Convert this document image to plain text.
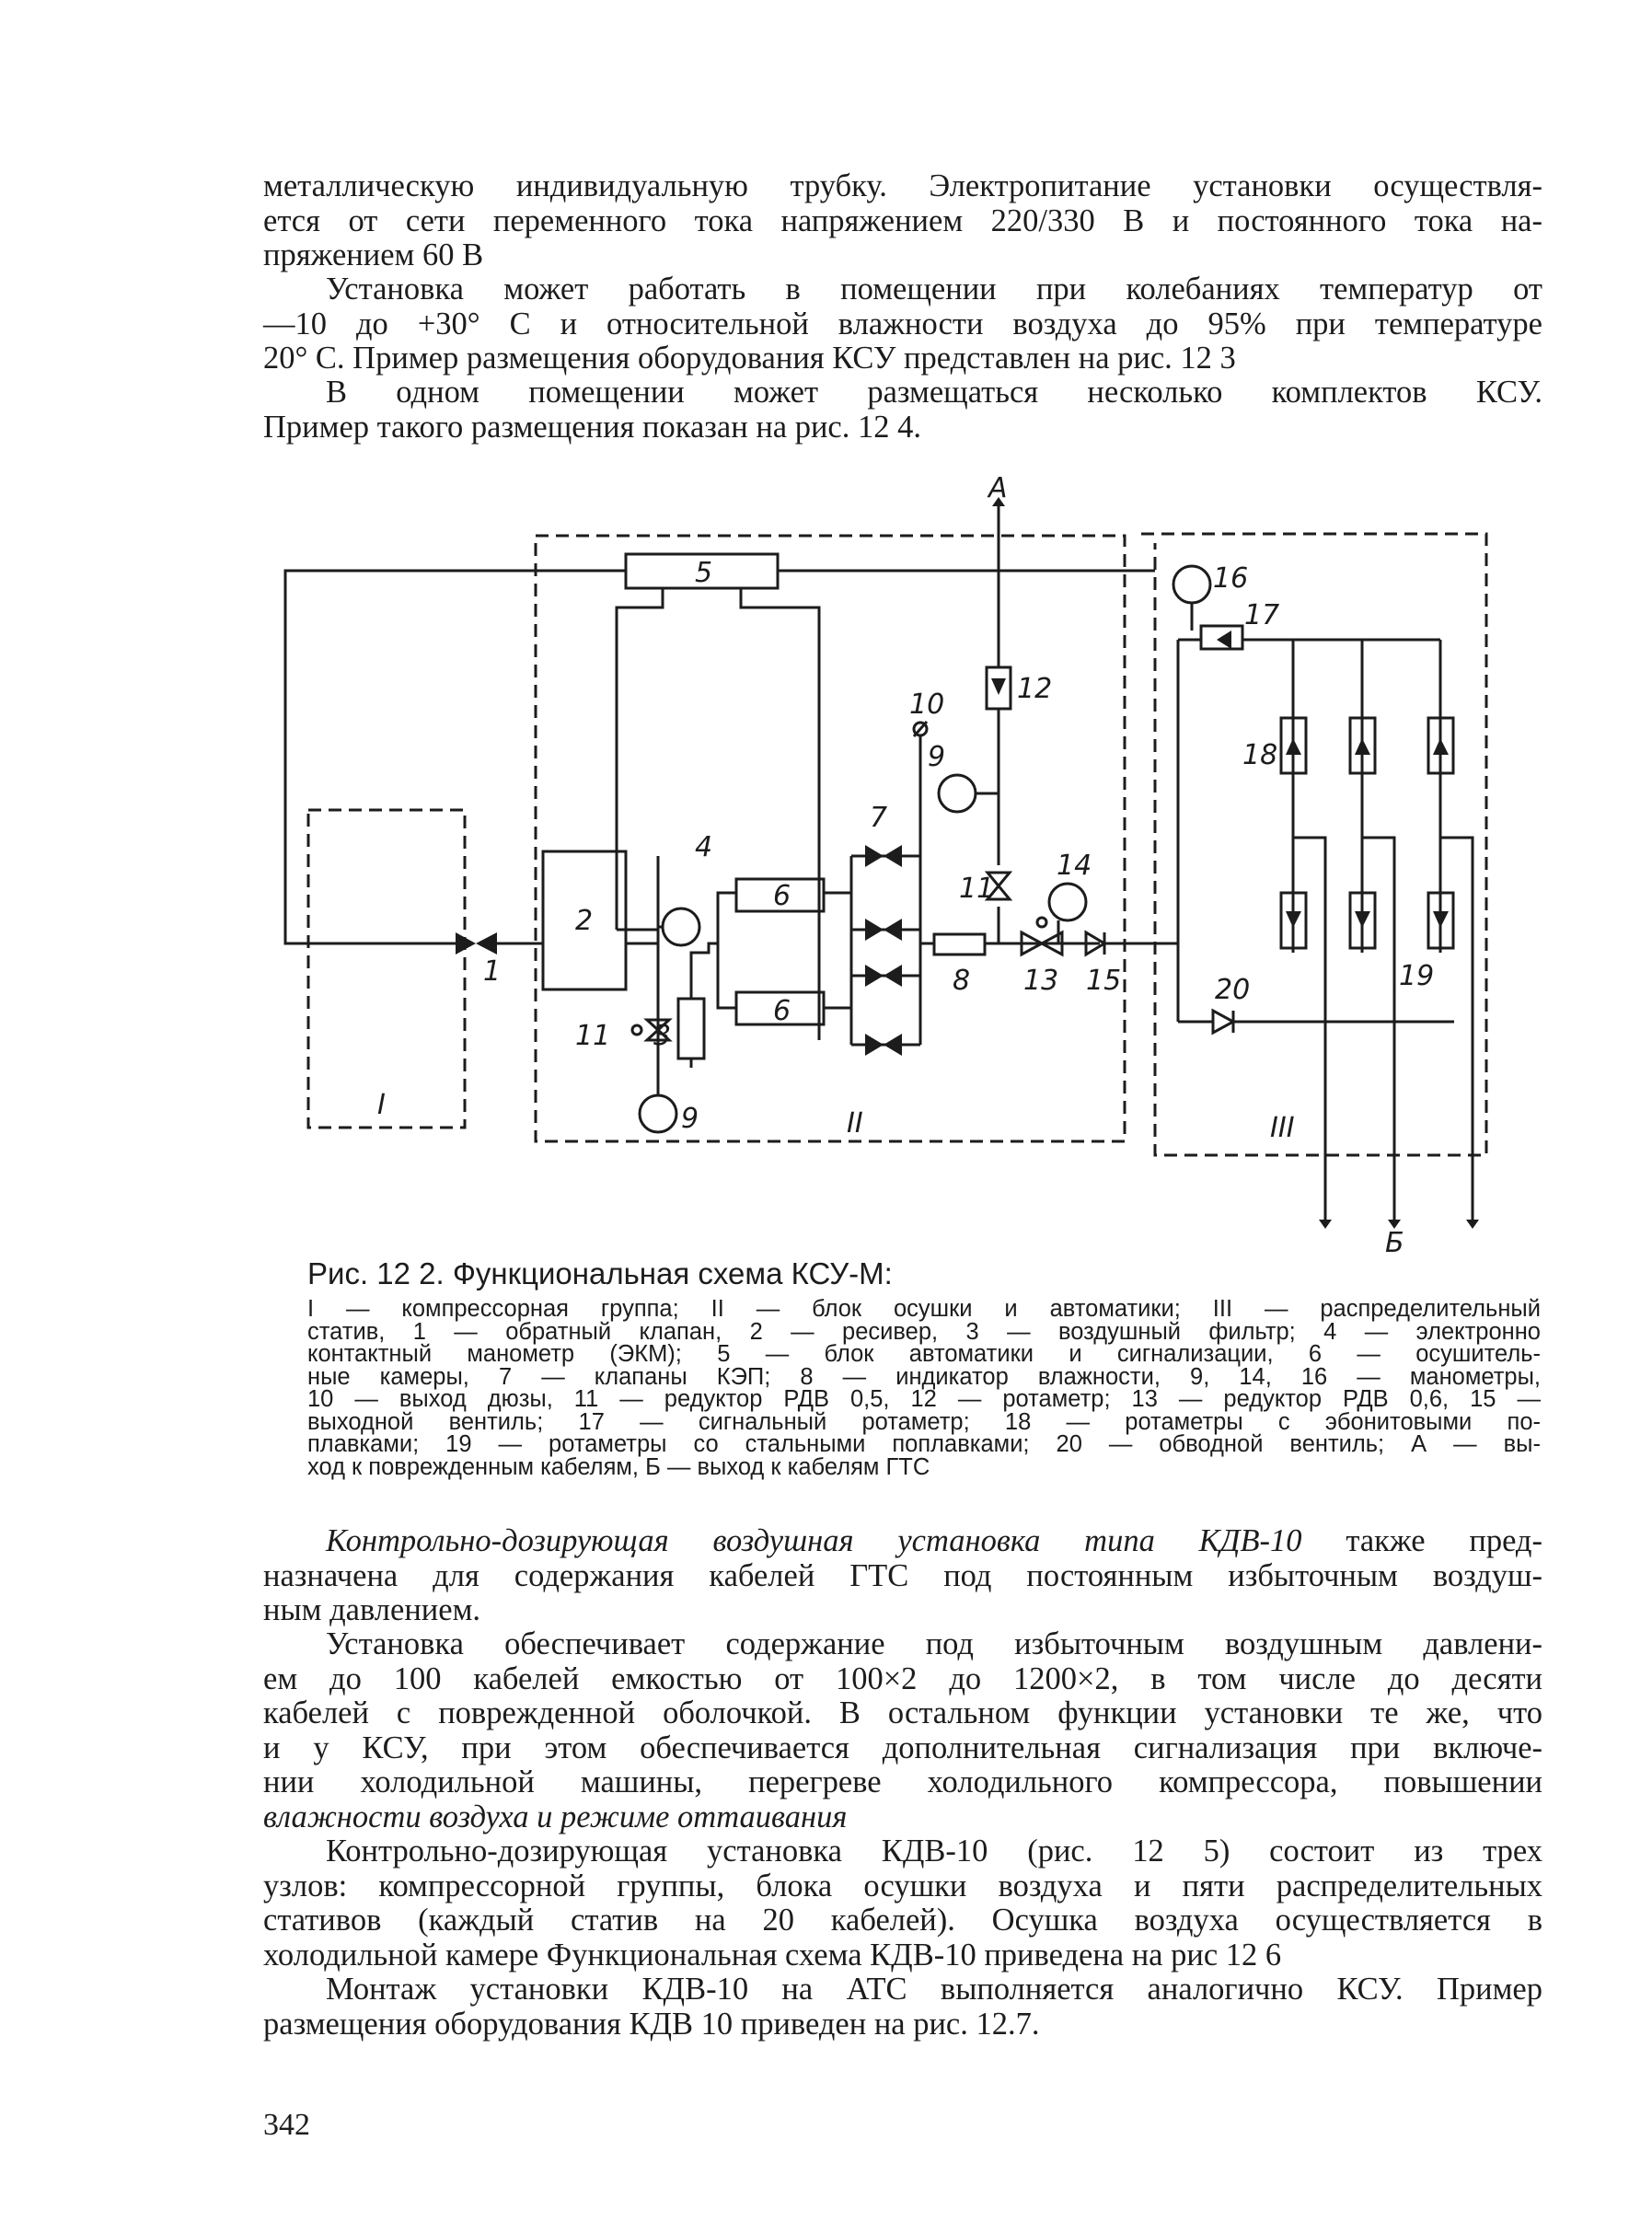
металлическую индивидуальную трубку. Электропитание установки осуществля-
ется от сети переменного тока напряжением 220/330 В и постоянного тока на-
пряжением 60 В
Установка может работать в помещении при колебаниях температур от
—10 до +30° С и относительной влажности воздуха до 95% при температуре
20° С. Пример размещения оборудования КСУ представлен на рис. 12 3
В одном помещении может размещаться несколько комплектов КСУ.
Пример такого размещения показан на рис. 12 4.
А
Б
I
II	III
1
2
3
4
5
6
6
7
8
9
9
10
11
11
12
13
14
15
16
17
18
19
20

Рис. 12 2. Функциональная схема КСУ-М:

I — компрессорная группа; II — блок осушки и автоматики; III — распределительный
статив, 1 — обратный клапан, 2 — ресивер, 3 — воздушный фильтр; 4 — электронно
контактный манометр (ЭКМ); 5 — блок автоматики и сигнализации, 6 — осушитель-
ные камеры, 7 — клапаны КЭП; 8 — индикатор влажности, 9, 14, 16 — манометры,
10 — выход дюзы, 11 — редуктор РДВ 0,5, 12 — ротаметр; 13 — редуктор РДВ 0,6, 15 —
выходной вентиль; 17 — сигнальный ротаметр; 18 — ротаметры с эбонитовыми по-
плавками; 19 — ротаметры со стальными поплавками; 20 — обводной вентиль; А — вы-
ход к поврежденным кабелям, Б — выход к кабелям ГТС
Контрольно-дозирующая воздушная установка типа КДВ-10 также пред-
назначена для содержания кабелей ГТС под постоянным избыточным воздуш-
ным давлением.
Установка обеспечивает содержание под избыточным воздушным давлени-
ем до 100 кабелей емкостью от 100×2 до 1200×2, в том числе до десяти
кабелей с поврежденной оболочкой. В остальном функции установки те же, что
и у КСУ, при этом обеспечивается дополнительная сигнализация при включе-
нии холодильной машины, перегреве холодильного компрессора, повышении
влажности воздуха и режиме оттаивания
Контрольно-дозирующая установка КДВ-10 (рис. 12 5) состоит из трех
узлов: компрессорной группы, блока осушки воздуха и пяти распределительных
стативов (каждый статив на 20 кабелей). Осушка воздуха осуществляется в
холодильной камере Функциональная схема КДВ-10 приведена на рис 12 6
Монтаж установки КДВ-10 на АТС выполняется аналогично КСУ. Пример
размещения оборудования КДВ 10 приведен на рис. 12.7.

342
